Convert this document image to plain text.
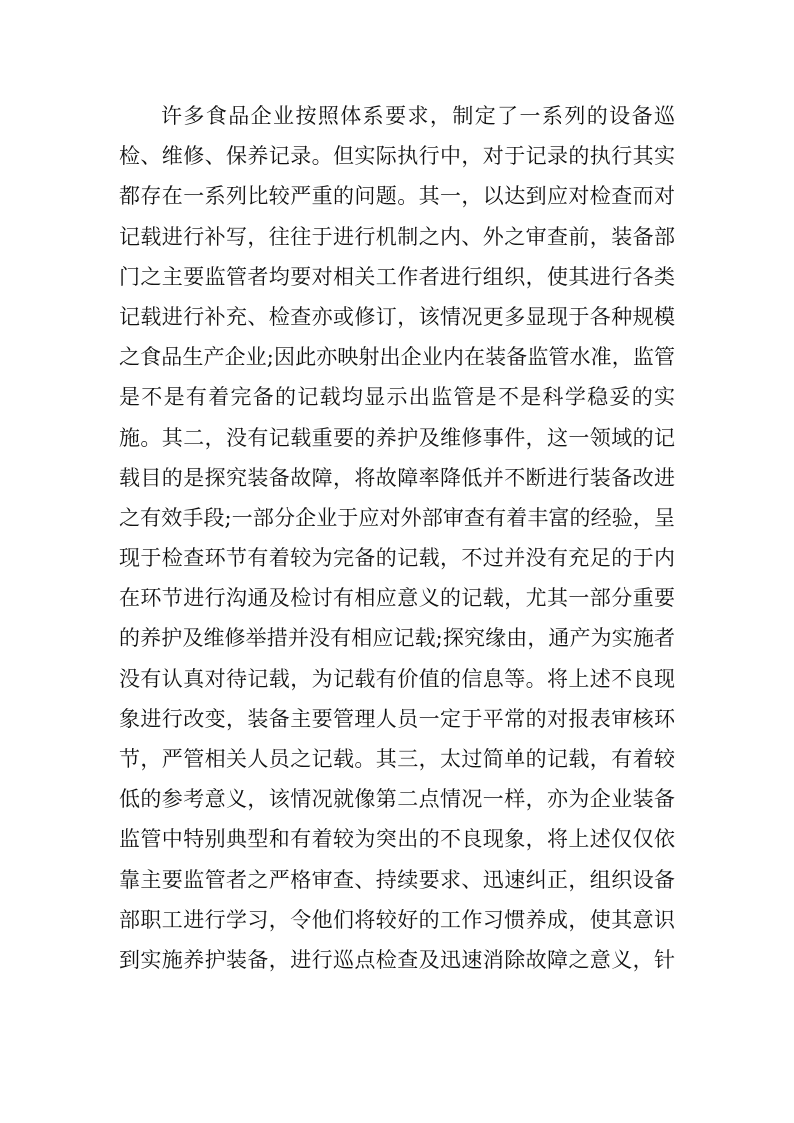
许多食品企业按照体系要求，制定了一系列的设备巡
检、维修、保养记录。但实际执行中，对于记录的执行其实
都存在一系列比较严重的问题。其一，以达到应对检查而对
记载进行补写，往往于进行机制之内、外之审查前，装备部
门之主要监管者均要对相关工作者进行组织，使其进行各类
记载进行补充、检查亦或修订，该情况更多显现于各种规模
之食品生产企业;因此亦映射出企业内在装备监管水准，监管
是不是有着完备的记载均显示出监管是不是科学稳妥的实
施。其二，没有记载重要的养护及维修事件，这一领域的记
载目的是探究装备故障，将故障率降低并不断进行装备改进
之有效手段;一部分企业于应对外部审查有着丰富的经验，呈
现于检查环节有着较为完备的记载，不过并没有充足的于内
在环节进行沟通及检讨有相应意义的记载，尤其一部分重要
的养护及维修举措并没有相应记载;探究缘由，通产为实施者
没有认真对待记载，为记载有价值的信息等。将上述不良现
象进行改变，装备主要管理人员一定于平常的对报表审核环
节，严管相关人员之记载。其三，太过简单的记载，有着较
低的参考意义，该情况就像第二点情况一样，亦为企业装备
监管中特别典型和有着较为突出的不良现象，将上述仅仅依
靠主要监管者之严格审查、持续要求、迅速纠正，组织设备
部职工进行学习，令他们将较好的工作习惯养成，使其意识
到实施养护装备，进行巡点检查及迅速消除故障之意义，针
